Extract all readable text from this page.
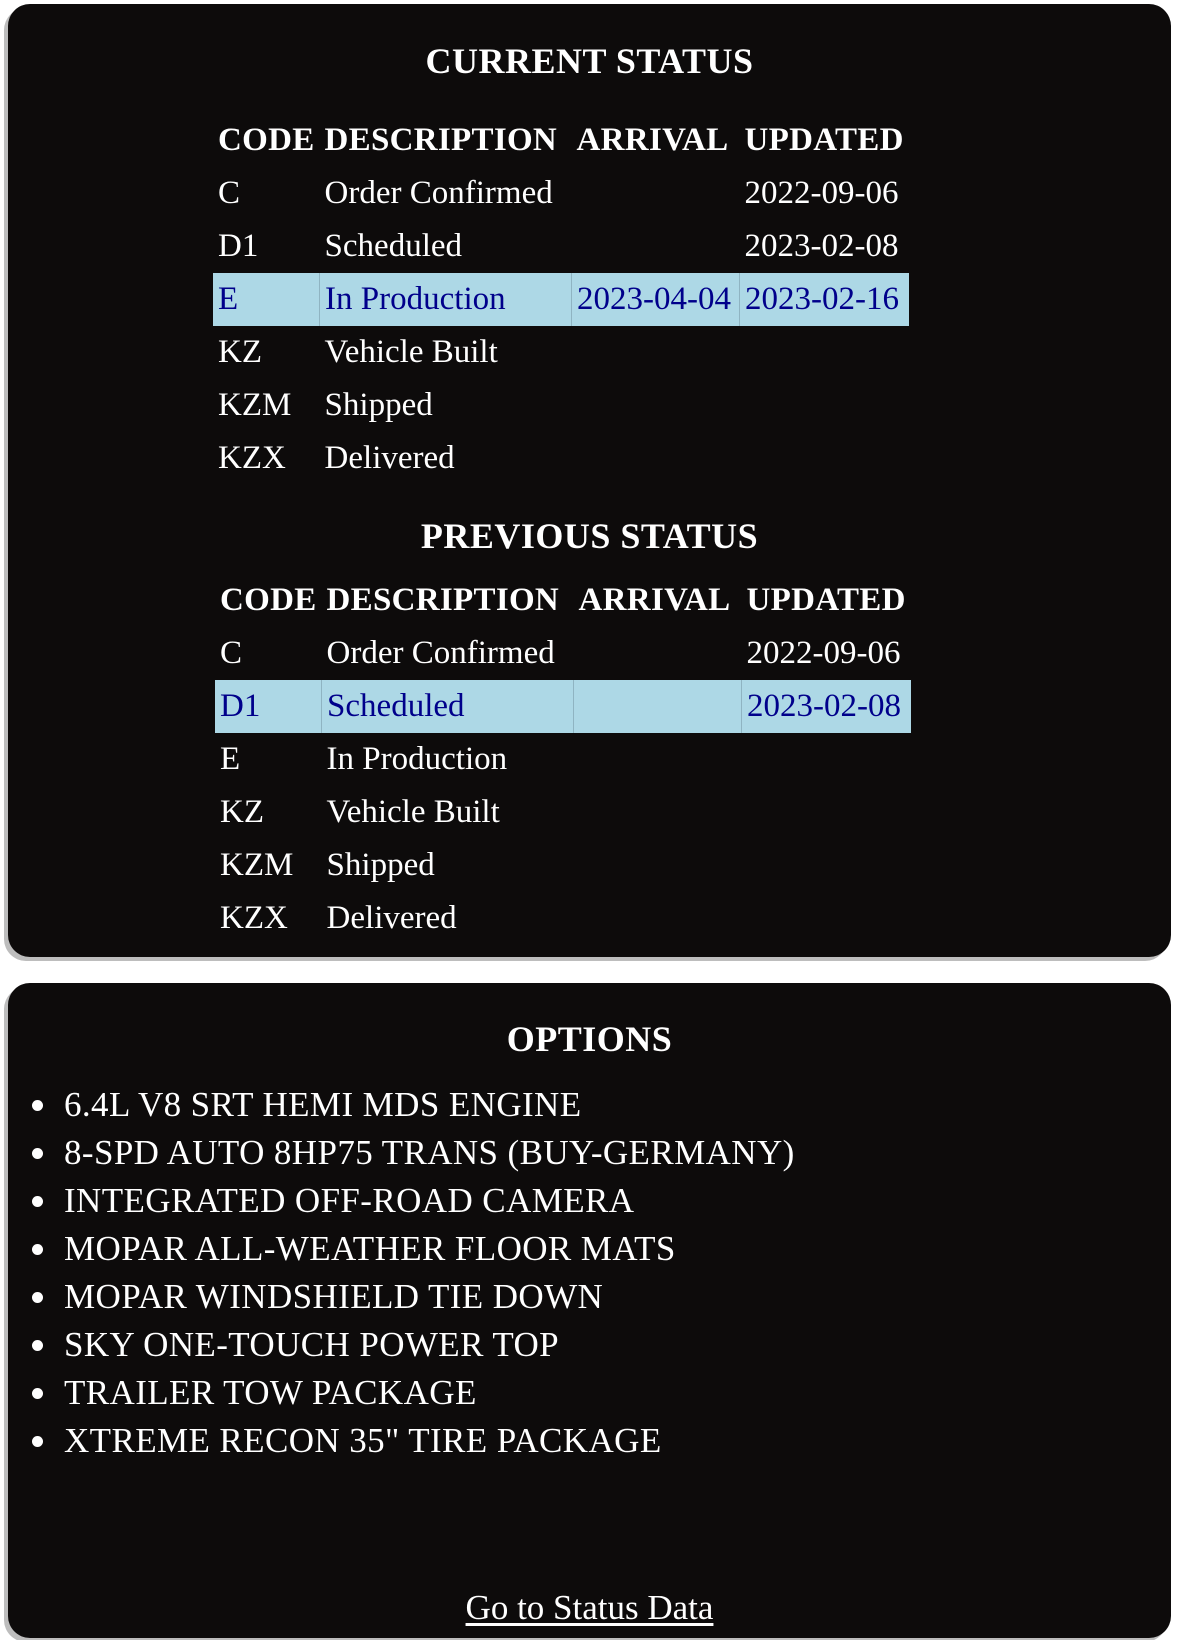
CURRENT STATUS
CODE	DESCRIPTION	ARRIVAL	UPDATED
C	Order Confirmed		2022-09-06
D1	Scheduled		2023-02-08
E	In Production	2023-04-04	2023-02-16
KZ	Vehicle Built		
KZM	Shipped		
KZX	Delivered		
PREVIOUS STATUS
CODE	DESCRIPTION	ARRIVAL	UPDATED
C	Order Confirmed		2022-09-06
D1	Scheduled		2023-02-08
E	In Production		
KZ	Vehicle Built		
KZM	Shipped		
KZX	Delivered		
OPTIONS
6.4L V8 SRT HEMI MDS ENGINE
8-SPD AUTO 8HP75 TRANS (BUY-GERMANY)
INTEGRATED OFF-ROAD CAMERA
MOPAR ALL-WEATHER FLOOR MATS
MOPAR WINDSHIELD TIE DOWN
SKY ONE-TOUCH POWER TOP
TRAILER TOW PACKAGE
XTREME RECON 35" TIRE PACKAGE
Go to Status Data
